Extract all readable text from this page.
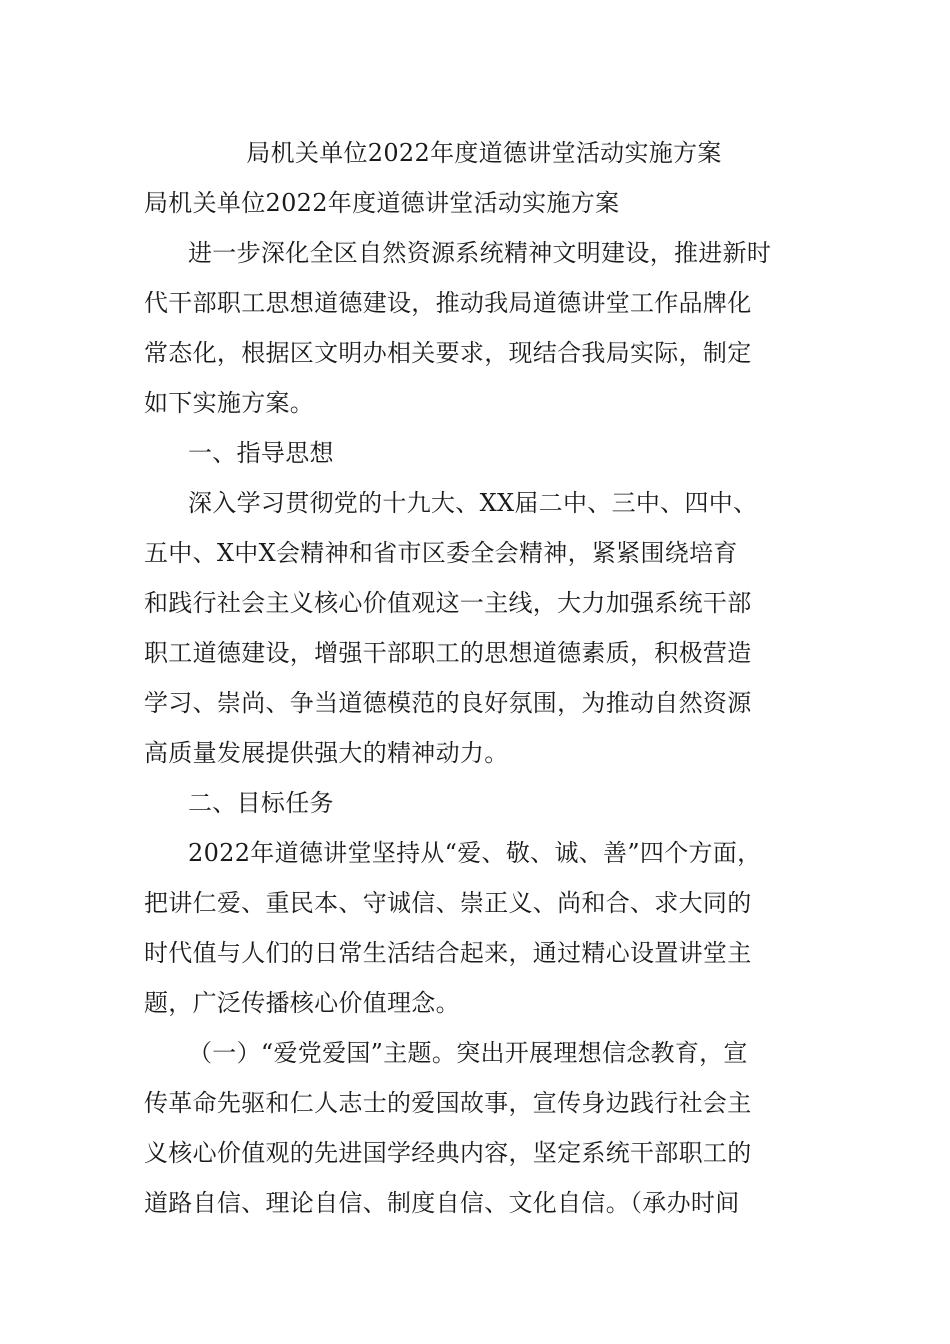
局机关单位2022年度道德讲堂活动实施方案
局机关单位2022年度道德讲堂活动实施方案
进一步深化全区自然资源系统精神文明建设，推进新时
代干部职工思想道德建设，推动我局道德讲堂工作品牌化
常态化，根据区文明办相关要求，现结合我局实际，制定
如下实施方案。
一、指导思想
深入学习贯彻党的十九大、XX届二中、三中、四中、
五中、X中X会精神和省市区委全会精神，紧紧围绕培育
和践行社会主义核心价值观这一主线，大力加强系统干部
职工道德建设，增强干部职工的思想道德素质，积极营造
学习、崇尚、争当道德模范的良好氛围，为推动自然资源
高质量发展提供强大的精神动力。
二、目标任务
2022年道德讲堂坚持从“爱、敬、诚、善”四个方面，
把讲仁爱、重民本、守诚信、崇正义、尚和合、求大同的
时代值与人们的日常生活结合起来，通过精心设置讲堂主
题，广泛传播核心价值理念。
（一）“爱党爱国”主题。突出开展理想信念教育，宣
传革命先驱和仁人志士的爱国故事，宣传身边践行社会主
义核心价值观的先进国学经典内容，坚定系统干部职工的
道路自信、理论自信、制度自信、文化自信。（承办时间
